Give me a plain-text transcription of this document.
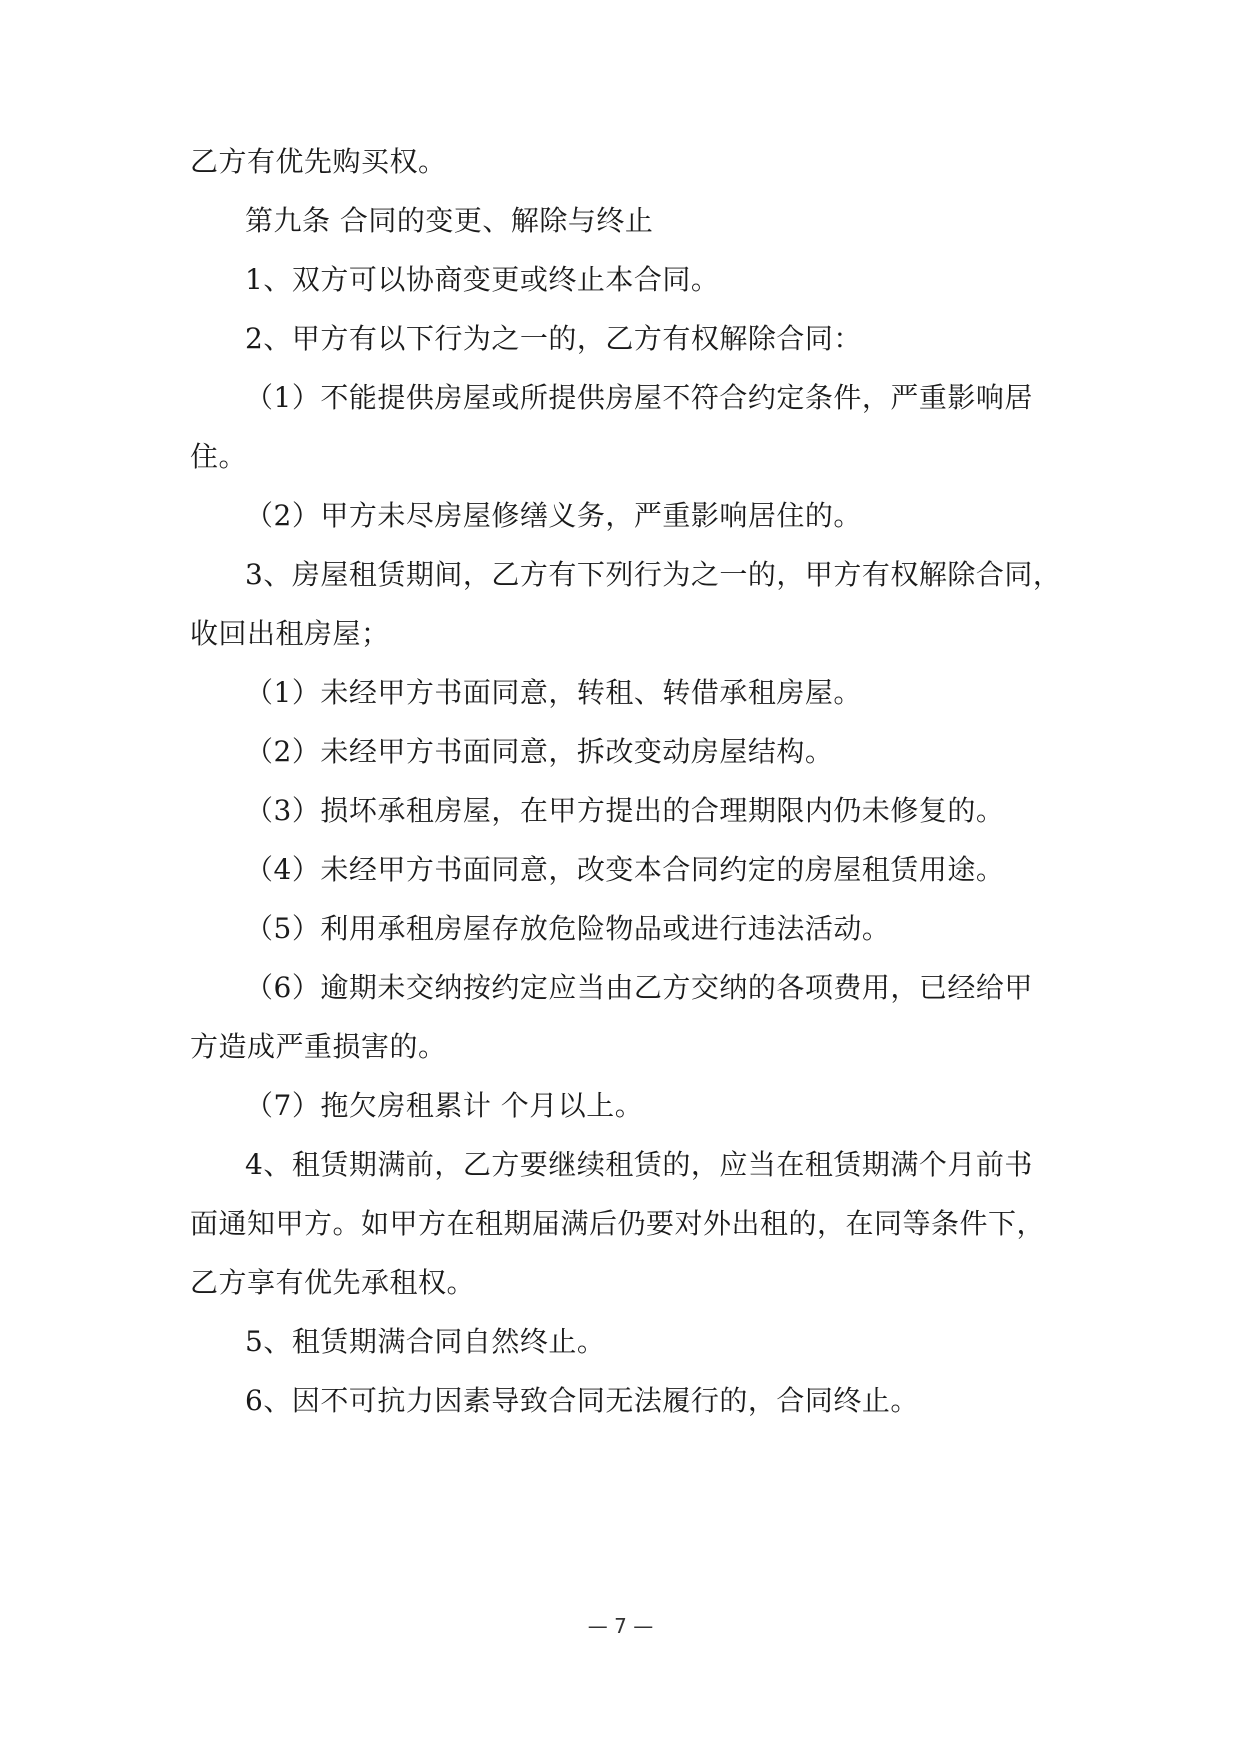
乙方有优先购买权。
第九条 合同的变更、解除与终止
1、双方可以协商变更或终止本合同。
2、甲方有以下行为之一的，乙方有权解除合同：
（1）不能提供房屋或所提供房屋不符合约定条件，严重影响居
住。
（2）甲方未尽房屋修缮义务，严重影响居住的。
3、房屋租赁期间，乙方有下列行为之一的，甲方有权解除合同，
收回出租房屋；
（1）未经甲方书面同意，转租、转借承租房屋。
（2）未经甲方书面同意，拆改变动房屋结构。
（3）损坏承租房屋，在甲方提出的合理期限内仍未修复的。
（4）未经甲方书面同意，改变本合同约定的房屋租赁用途。
（5）利用承租房屋存放危险物品或进行违法活动。
（6）逾期未交纳按约定应当由乙方交纳的各项费用，已经给甲
方造成严重损害的。
（7）拖欠房租累计 个月以上。
4、租赁期满前，乙方要继续租赁的，应当在租赁期满个月前书
面通知甲方。如甲方在租期届满后仍要对外出租的，在同等条件下，
乙方享有优先承租权。
5、租赁期满合同自然终止。
6、因不可抗力因素导致合同无法履行的，合同终止。
— 7 —
